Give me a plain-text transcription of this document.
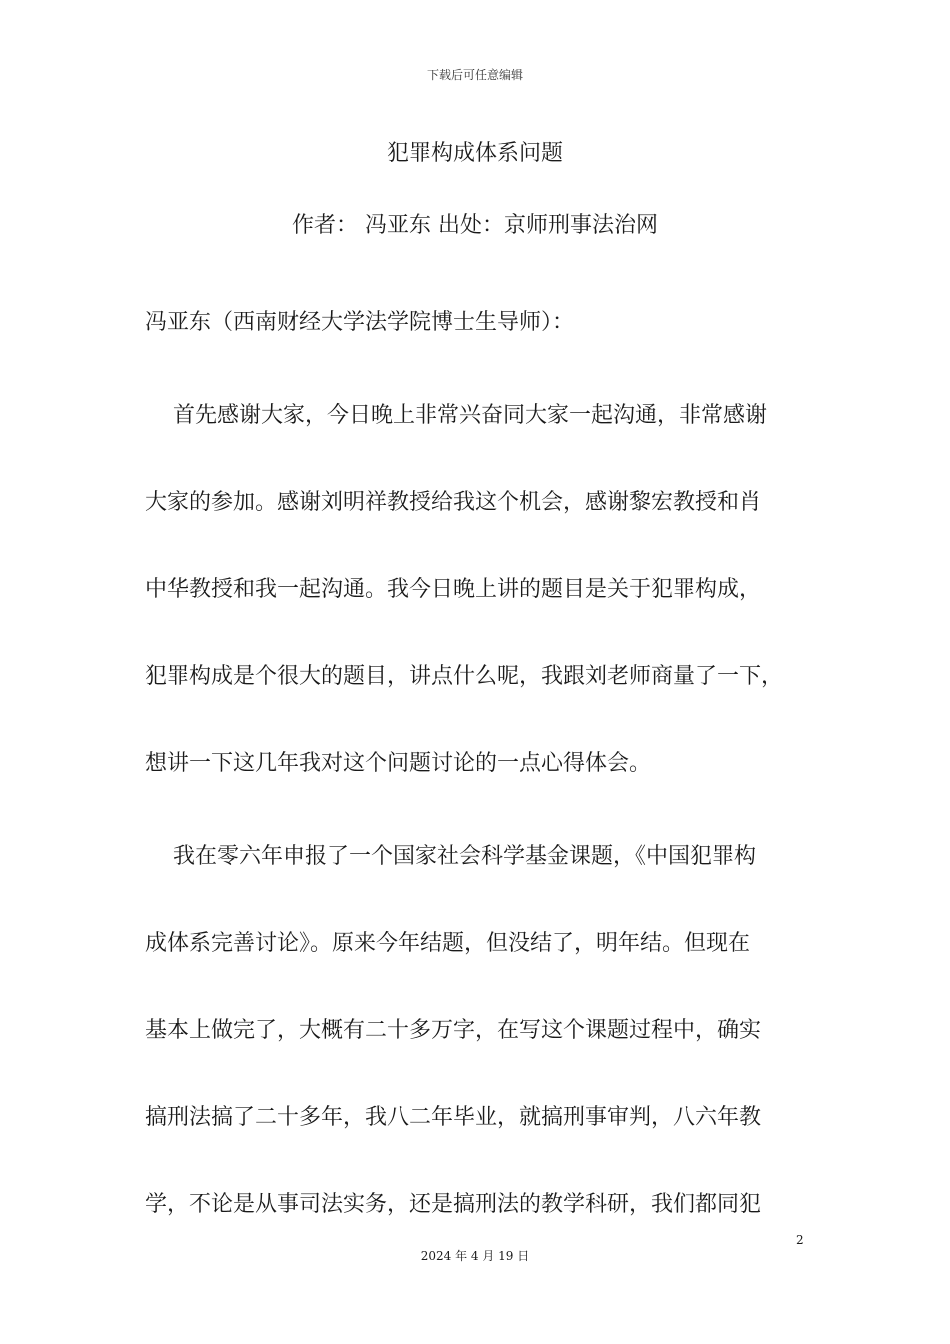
下载后可任意编辑
犯罪构成体系问题
作者： 冯亚东 出处：京师刑事法治网
冯亚东（西南财经大学法学院博士生导师）：
首先感谢大家，今日晚上非常兴奋同大家一起沟通，非常感谢
大家的参加。感谢刘明祥教授给我这个机会，感谢黎宏教授和肖
中华教授和我一起沟通。我今日晚上讲的题目是关于犯罪构成，
犯罪构成是个很大的题目，讲点什么呢，我跟刘老师商量了一下，
想讲一下这几年我对这个问题讨论的一点心得体会。
我在零六年申报了一个国家社会科学基金课题，《中国犯罪构
成体系完善讨论》。原来今年结题，但没结了，明年结。但现在
基本上做完了，大概有二十多万字，在写这个课题过程中，确实
搞刑法搞了二十多年，我八二年毕业，就搞刑事审判，八六年教
学，不论是从事司法实务，还是搞刑法的教学科研，我们都同犯
2
2024 年 4 月 19 日
